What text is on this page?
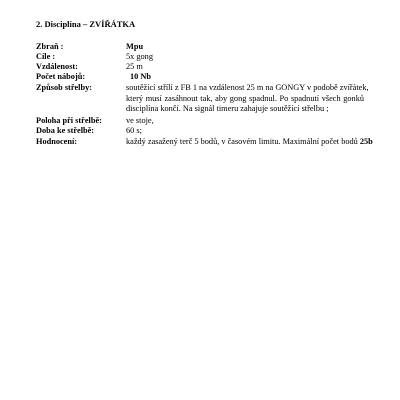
2. Disciplína – ZVÍŘÁTKA
Zbraň :	Mpu
Cíle :	5x gong
Vzdálenost:	25 m
Počet nábojů:	10 Nb
Způsob střelby:	soutěžící střílí z FB 1 na vzdálenost 25 m na GONGY v podobě zvířátek,
který musí zasáhnout tak, aby gong spadnul. Po spadnutí všech gonků
disciplína končí. Na signál timeru zahajuje soutěžící střelbu ;
Poloha při střelbě:	ve stoje,
Doba ke střelbě:	60 s;
Hodnocení:	každý zasažený terč 5 bodů, v časovém limitu. Maximální počet bodů 25b
